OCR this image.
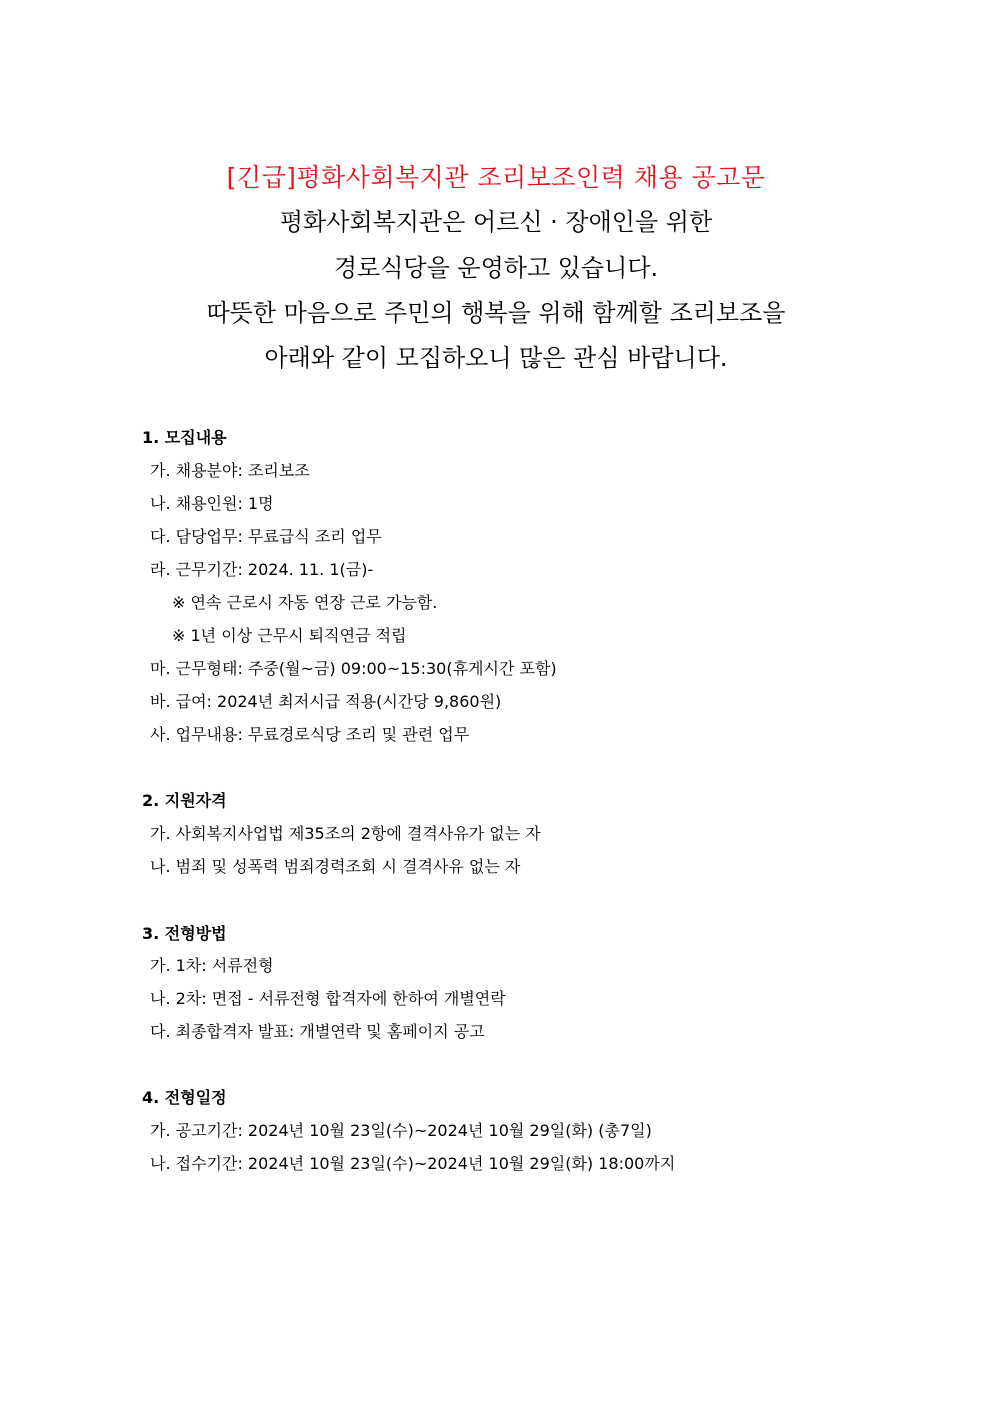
[긴급]평화사회복지관 조리보조인력 채용 공고문
평화사회복지관은 어르신 · 장애인을 위한
경로식당을 운영하고 있습니다.
따뜻한 마음으로 주민의 행복을 위해 함께할 조리보조을
아래와 같이 모집하오니 많은 관심 바랍니다.
1. 모집내용
가. 채용분야: 조리보조
나. 채용인원: 1명
다. 담당업무: 무료급식 조리 업무
라. 근무기간: 2024. 11. 1(금)-
※ 연속 근로시 자동 연장 근로 가능함.
※ 1년 이상 근무시 퇴직연금 적립
마. 근무형태: 주중(월~금) 09:00~15:30(휴게시간 포함)
바. 급여: 2024년 최저시급 적용(시간당 9,860원)
사. 업무내용: 무료경로식당 조리 및 관련 업무
2. 지원자격
가. 사회복지사업법 제35조의 2항에 결격사유가 없는 자
나. 범죄 및 성폭력 범죄경력조회 시 결격사유 없는 자
3. 전형방법
가. 1차: 서류전형
나. 2차: 면접 - 서류전형 합격자에 한하여 개별연락
다. 최종합격자 발표: 개별연락 및 홈페이지 공고
4. 전형일정
가. 공고기간: 2024년 10월 23일(수)~2024년 10월 29일(화) (총7일)
나. 접수기간: 2024년 10월 23일(수)~2024년 10월 29일(화) 18:00까지
